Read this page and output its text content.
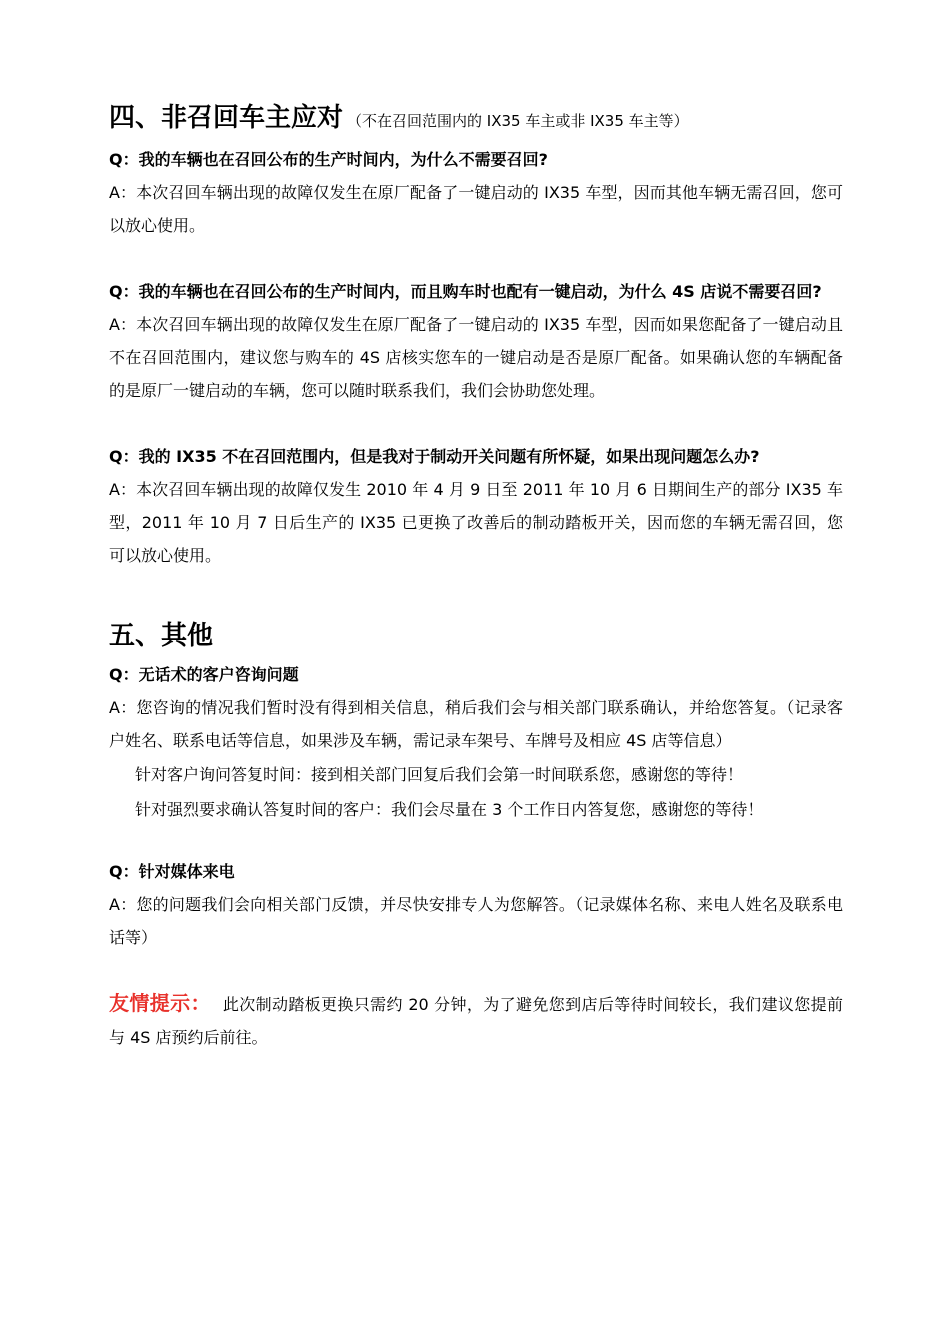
四、非召回车主应对 （不在召回范围内的 IX35 车主或非 IX35 车主等）

Q：我的车辆也在召回公布的生产时间内，为什么不需要召回?

A：本次召回车辆出现的故障仅发生在原厂配备了一键启动的 IX35 车型，因而其他车辆无需召回，您可以放心使用。

Q：我的车辆也在召回公布的生产时间内，而且购车时也配有一键启动，为什么 4S 店说不需要召回?

A：本次召回车辆出现的故障仅发生在原厂配备了一键启动的 IX35 车型，因而如果您配备了一键启动且不在召回范围内，建议您与购车的 4S 店核实您车的一键启动是否是原厂配备。如果确认您的车辆配备的是原厂一键启动的车辆，您可以随时联系我们，我们会协助您处理。

Q：我的 IX35 不在召回范围内，但是我对于制动开关问题有所怀疑，如果出现问题怎么办?

A：本次召回车辆出现的故障仅发生 2010 年 4 月 9 日至 2011 年 10 月 6 日期间生产的部分 IX35 车型，2011 年 10 月 7 日后生产的 IX35 已更换了改善后的制动踏板开关，因而您的车辆无需召回，您可以放心使用。

五、其他

Q：无话术的客户咨询问题

A：您咨询的情况我们暂时没有得到相关信息，稍后我们会与相关部门联系确认，并给您答复。（记录客户姓名、联系电话等信息，如果涉及车辆，需记录车架号、车牌号及相应 4S 店等信息）

针对客户询问答复时间：接到相关部门回复后我们会第一时间联系您，感谢您的等待！

针对强烈要求确认答复时间的客户：我们会尽量在 3 个工作日内答复您，感谢您的等待！

Q：针对媒体来电

A：您的问题我们会向相关部门反馈，并尽快安排专人为您解答。（记录媒体名称、来电人姓名及联系电话等）

友情提示： 此次制动踏板更换只需约 20 分钟，为了避免您到店后等待时间较长，我们建议您提前与 4S 店预约后前往。
